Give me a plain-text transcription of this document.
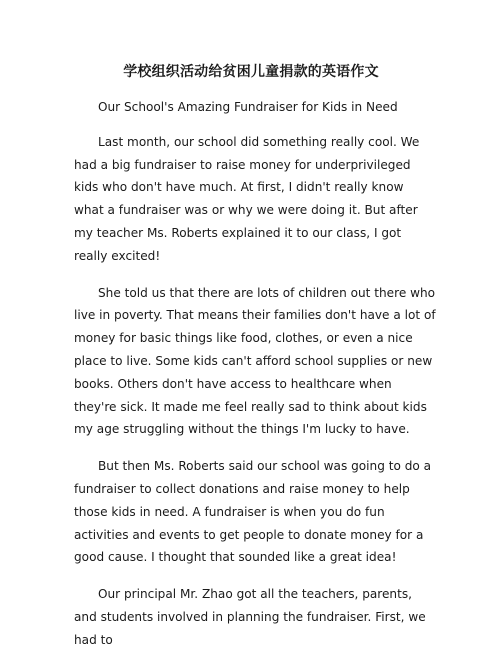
学校组织活动给贫困儿童捐款的英语作文

Our School's Amazing Fundraiser for Kids in Need

Last month, our school did something really cool. We had a big fundraiser to raise money for underprivileged kids who don't have much. At first, I didn't really know what a fundraiser was or why we were doing it. But after my teacher Ms. Roberts explained it to our class, I got really excited!

She told us that there are lots of children out there who live in poverty. That means their families don't have a lot of money for basic things like food, clothes, or even a nice place to live. Some kids can't afford school supplies or new books. Others don't have access to healthcare when they're sick. It made me feel really sad to think about kids my age struggling without the things I'm lucky to have.

But then Ms. Roberts said our school was going to do a fundraiser to collect donations and raise money to help those kids in need. A fundraiser is when you do fun activities and events to get people to donate money for a good cause. I thought that sounded like a great idea!

Our principal Mr. Zhao got all the teachers, parents, and students involved in planning the fundraiser. First, we had to
